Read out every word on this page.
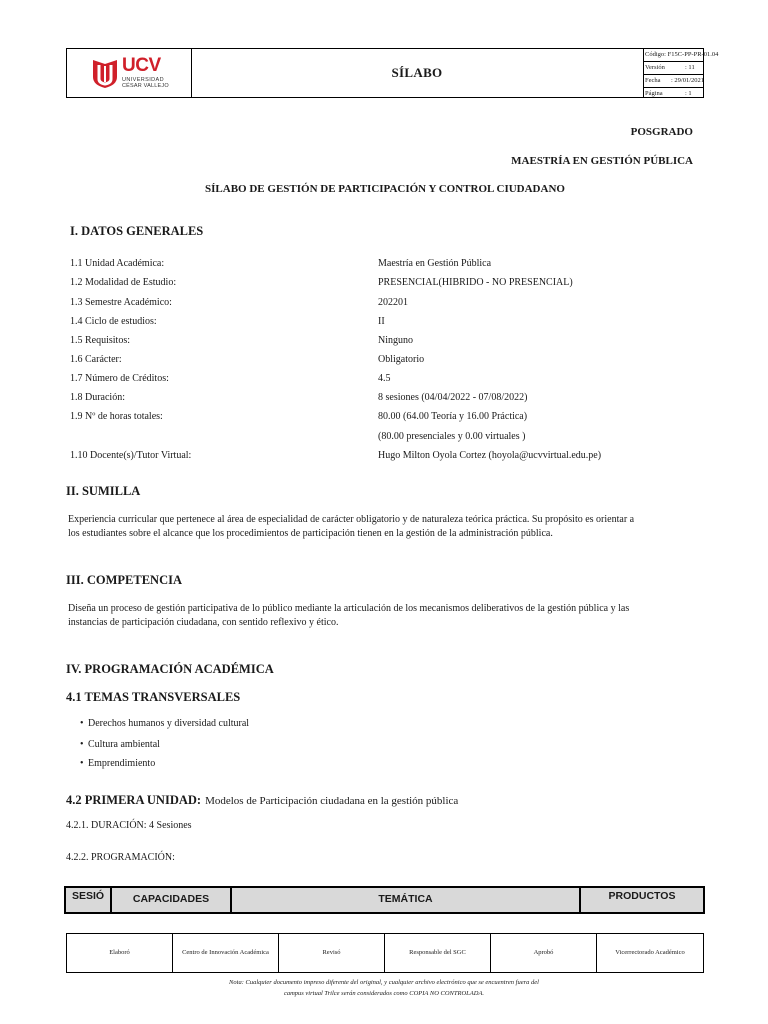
UCV
UNIVERSIDAD
CÉSAR VALLEJO
SÍLABO
Código : F15C-PP-PR-01.04
Versión	: 11
Fecha	: 29/01/2021
Página	: 1
POSGRADO
MAESTRÍA EN GESTIÓN PÚBLICA
SÍLABO DE GESTIÓN DE PARTICIPACIÓN Y CONTROL CIUDADANO
I. DATOS GENERALES
1.1 Unidad Académica:	Maestría en Gestión Pública
1.2 Modalidad de Estudio:	PRESENCIAL(HIBRIDO - NO PRESENCIAL)
1.3 Semestre Académico:	202201
1.4 Ciclo de estudios:	II
1.5 Requisitos:	Ninguno
1.6 Carácter:	Obligatorio
1.7 Número de Créditos:	4.5
1.8 Duración:	8 sesiones (04/04/2022 - 07/08/2022)
1.9 Nº de horas totales:	80.00 (64.00 Teoría y 16.00 Práctica)
(80.00 presenciales y 0.00 virtuales )
1.10 Docente(s)/Tutor Virtual:	Hugo Milton Oyola Cortez (hoyola@ucvvirtual.edu.pe)
II. SUMILLA
Experiencia curricular que pertenece al área de especialidad de carácter obligatorio y de naturaleza teórica práctica. Su propósito es orientar a
los estudiantes sobre el alcance que los procedimientos de participación tienen en la gestión de la administración pública.
III. COMPETENCIA
Diseña un proceso de gestión participativa de lo público mediante la articulación de los mecanismos deliberativos de la gestión pública y las
instancias de participación ciudadana, con sentido reflexivo y ético.
IV. PROGRAMACIÓN ACADÉMICA
4.1 TEMAS TRANSVERSALES
• Derechos humanos y diversidad cultural
• Cultura ambiental
• Emprendimiento
4.2 PRIMERA UNIDAD: Modelos de Participación ciudadana en la gestión pública
4.2.1. DURACIÓN: 4 Sesiones
4.2.2. PROGRAMACIÓN:
SESIÓ	CAPACIDADES	TEMÁTICA	PRODUCTOS
Elaboró	Centro de Innovación Académica	Revisó	Responsable del SGC	Aprobó	Vicerrectorado Académico
Nota: Cualquier documento impreso diferente del original, y cualquier archivo electrónico que se encuentren fuera del
campus virtual Trilce serán considerados como COPIA NO CONTROLADA.
